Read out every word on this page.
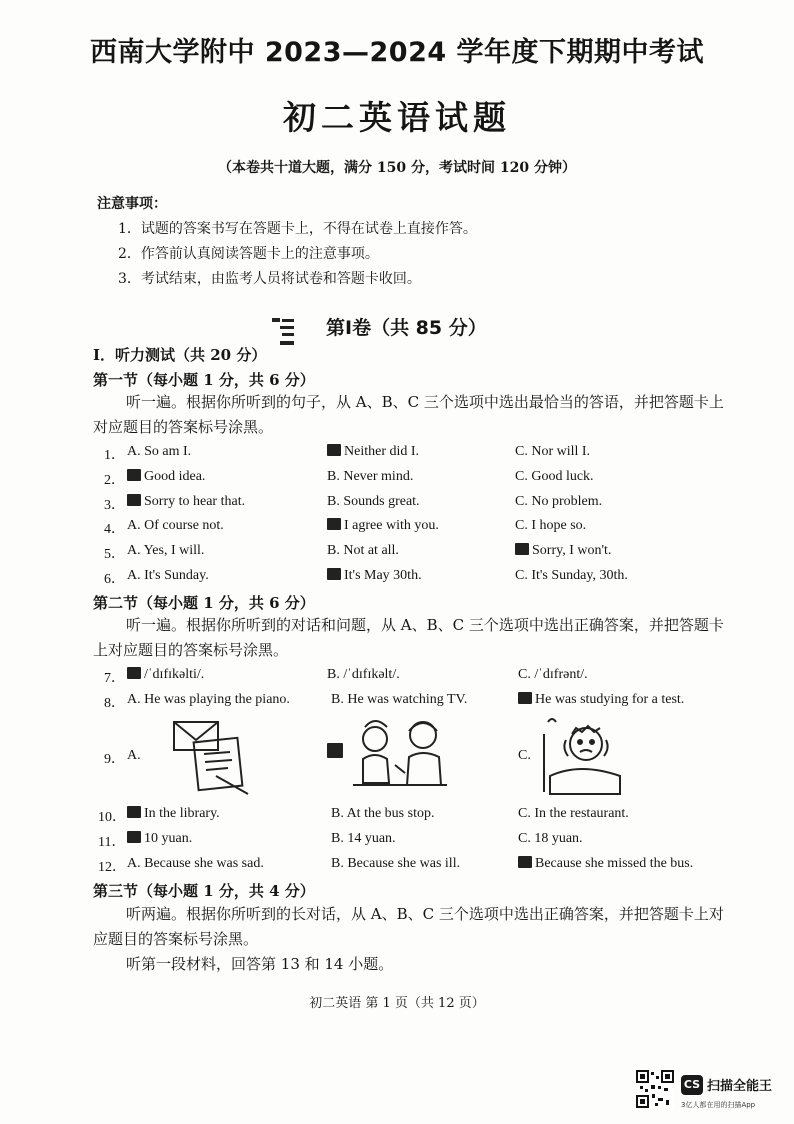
西南大学附中 2023—2024 学年度下期期中考试
初二英语试题
（本卷共十道大题，满分 150 分，考试时间 120 分钟）
注意事项：
1．试题的答案书写在答题卡上，不得在试卷上直接作答。
2．作答前认真阅读答题卡上的注意事项。
3．考试结束，由监考人员将试卷和答题卡收回。
第Ⅰ卷（共 85 分）
Ⅰ．听力测试（共 20 分）
第一节（每小题 1 分，共 6 分）
听一遍。根据你所听到的句子，从 A、B、C 三个选项中选出最恰当的答语，并把答题卡上
对应题目的答案标号涂黑。
1． A. So am I.	Neither did I.	C. Nor will I.
2．	Good idea.	B. Never mind.	C. Good luck.
3．	Sorry to hear that.	B. Sounds great.	C. No problem.
4． A. Of course not.	I agree with you.	C. I hope so.
5． A. Yes, I will.	B. Not at all.	Sorry, I won't.
6． A. It's Sunday.	It's May 30th.	C. It's Sunday, 30th.
第二节（每小题 1 分，共 6 分）
听一遍。根据你所听到的对话和问题，从 A、B、C 三个选项中选出正确答案，并把答题卡
上对应题目的答案标号涂黑。
7．	/ˈdɪfɪkəlti/.	B. /ˈdɪfɪkəlt/.	C. /ˈdɪfrənt/.
8． A. He was playing the piano.	B. He was watching TV.	He was studying for a test.
9． A.	C.
10．	In the library.	B. At the bus stop.	C. In the restaurant.
11．	10 yuan.	B. 14 yuan.	C. 18 yuan.
12． A. Because she was sad.	B. Because she was ill.	Because she missed the bus.
第三节（每小题 1 分，共 4 分）
听两遍。根据你所听到的长对话，从 A、B、C 三个选项中选出正确答案，并把答题卡上对
应题目的答案标号涂黑。
听第一段材料，回答第 13 和 14 小题。
初二英语 第 1 页（共 12 页）
CS 扫描全能王
3亿人都在用的扫描App
